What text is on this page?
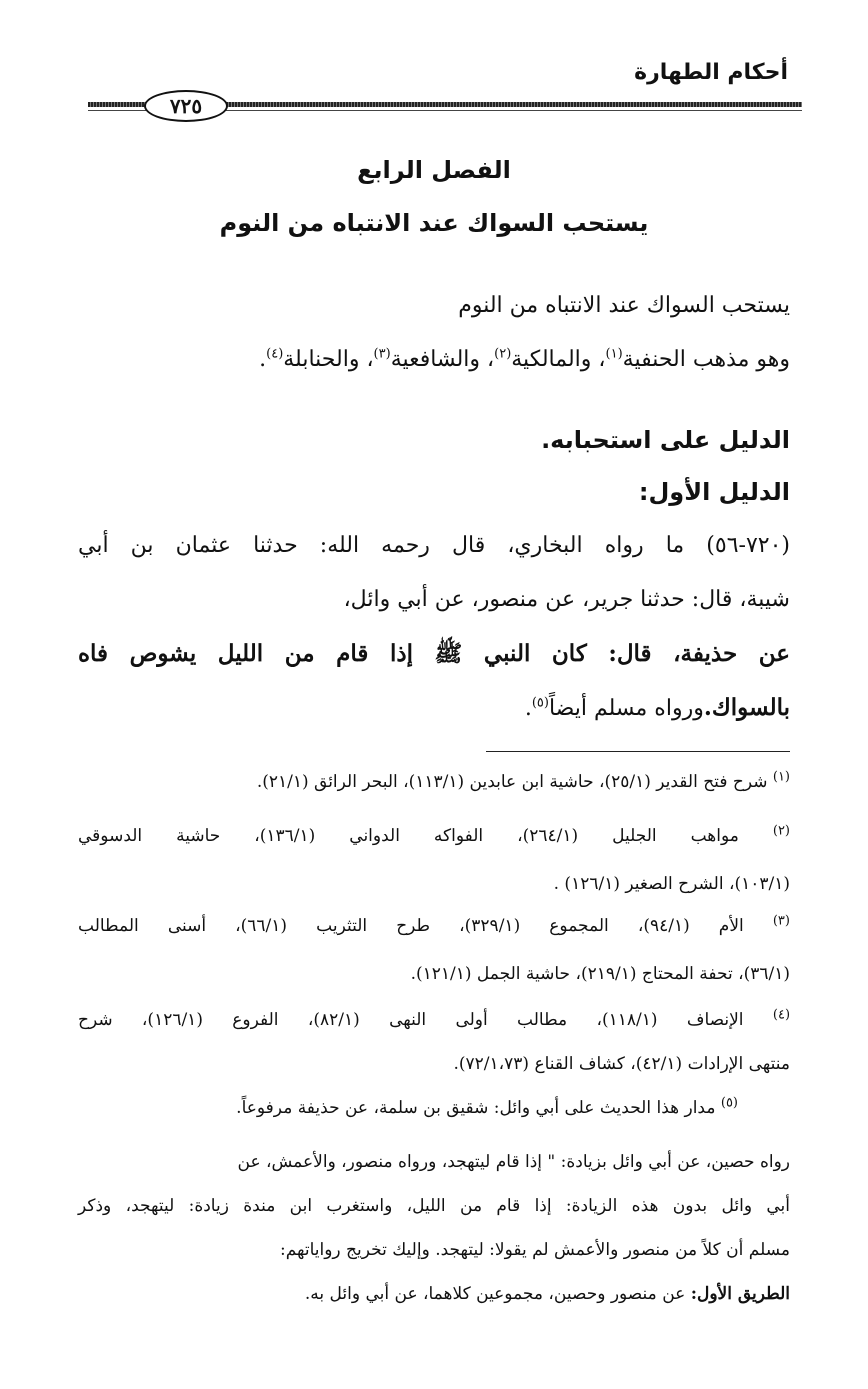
أحكام الطهارة
٧٢٥
الفصل الرابع
يستحب السواك عند الانتباه من النوم
يستحب السواك عند الانتباه من النوم
وهو مذهب الحنفية$^{(١)}$، والمالكية$^{(٢)}$، والشافعية$^{(٣)}$، والحنابلة$^{(٤)}$.
الدليل على استحبابه.
الدليل الأول:
(٧٢٠-٥٦) ما رواه البخاري، قال رحمه الله: حدثنا عثمان بن أبي
شيبة، قال: حدثنا جرير، عن منصور، عن أبي وائل،
عن حذيفة، قال: كان النبي ﷺ إذا قام من الليل يشوص فاه
بالسواك.ورواه مسلم أيضاً$^{(٥)}$.
$^{(١)}$ شرح فتح القدير (٢٥/١)، حاشية ابن عابدين (١١٣/١)، البحر الرائق (٢١/١).
$^{(٢)}$ مواهب الجليل (٢٦٤/١)، الفواكه الدواني (١٣٦/١)، حاشية الدسوقي
(١٠٣/١)، الشرح الصغير (١٢٦/١) .
$^{(٣)}$ الأم (٩٤/١)، المجموع (٣٢٩/١)، طرح التثريب (٦٦/١)، أسنى المطالب
(٣٦/١)، تحفة المحتاج (٢١٩/١)، حاشية الجمل (١٢١/١).
$^{(٤)}$ الإنصاف (١١٨/١)، مطالب أولى النهى (٨٢/١)، الفروع (١٢٦/١)، شرح
منتهى الإرادات (٤٢/١)، كشاف القناع (٧٢/١،٧٣).
$^{(٥)}$ مدار هذا الحديث على أبي وائل: شقيق بن سلمة، عن حذيفة مرفوعاً.
رواه حصين، عن أبي وائل بزيادة: " إذا قام ليتهجد، ورواه منصور، والأعمش، عن
أبي وائل بدون هذه الزيادة: إذا قام من الليل، واستغرب ابن مندة زيادة: ليتهجد، وذكر
مسلم أن كلاً من منصور والأعمش لم يقولا: ليتهجد. وإليك تخريج رواياتهم:
الطريق الأول: عن منصور وحصين، مجموعين كلاهما، عن أبي وائل به.
